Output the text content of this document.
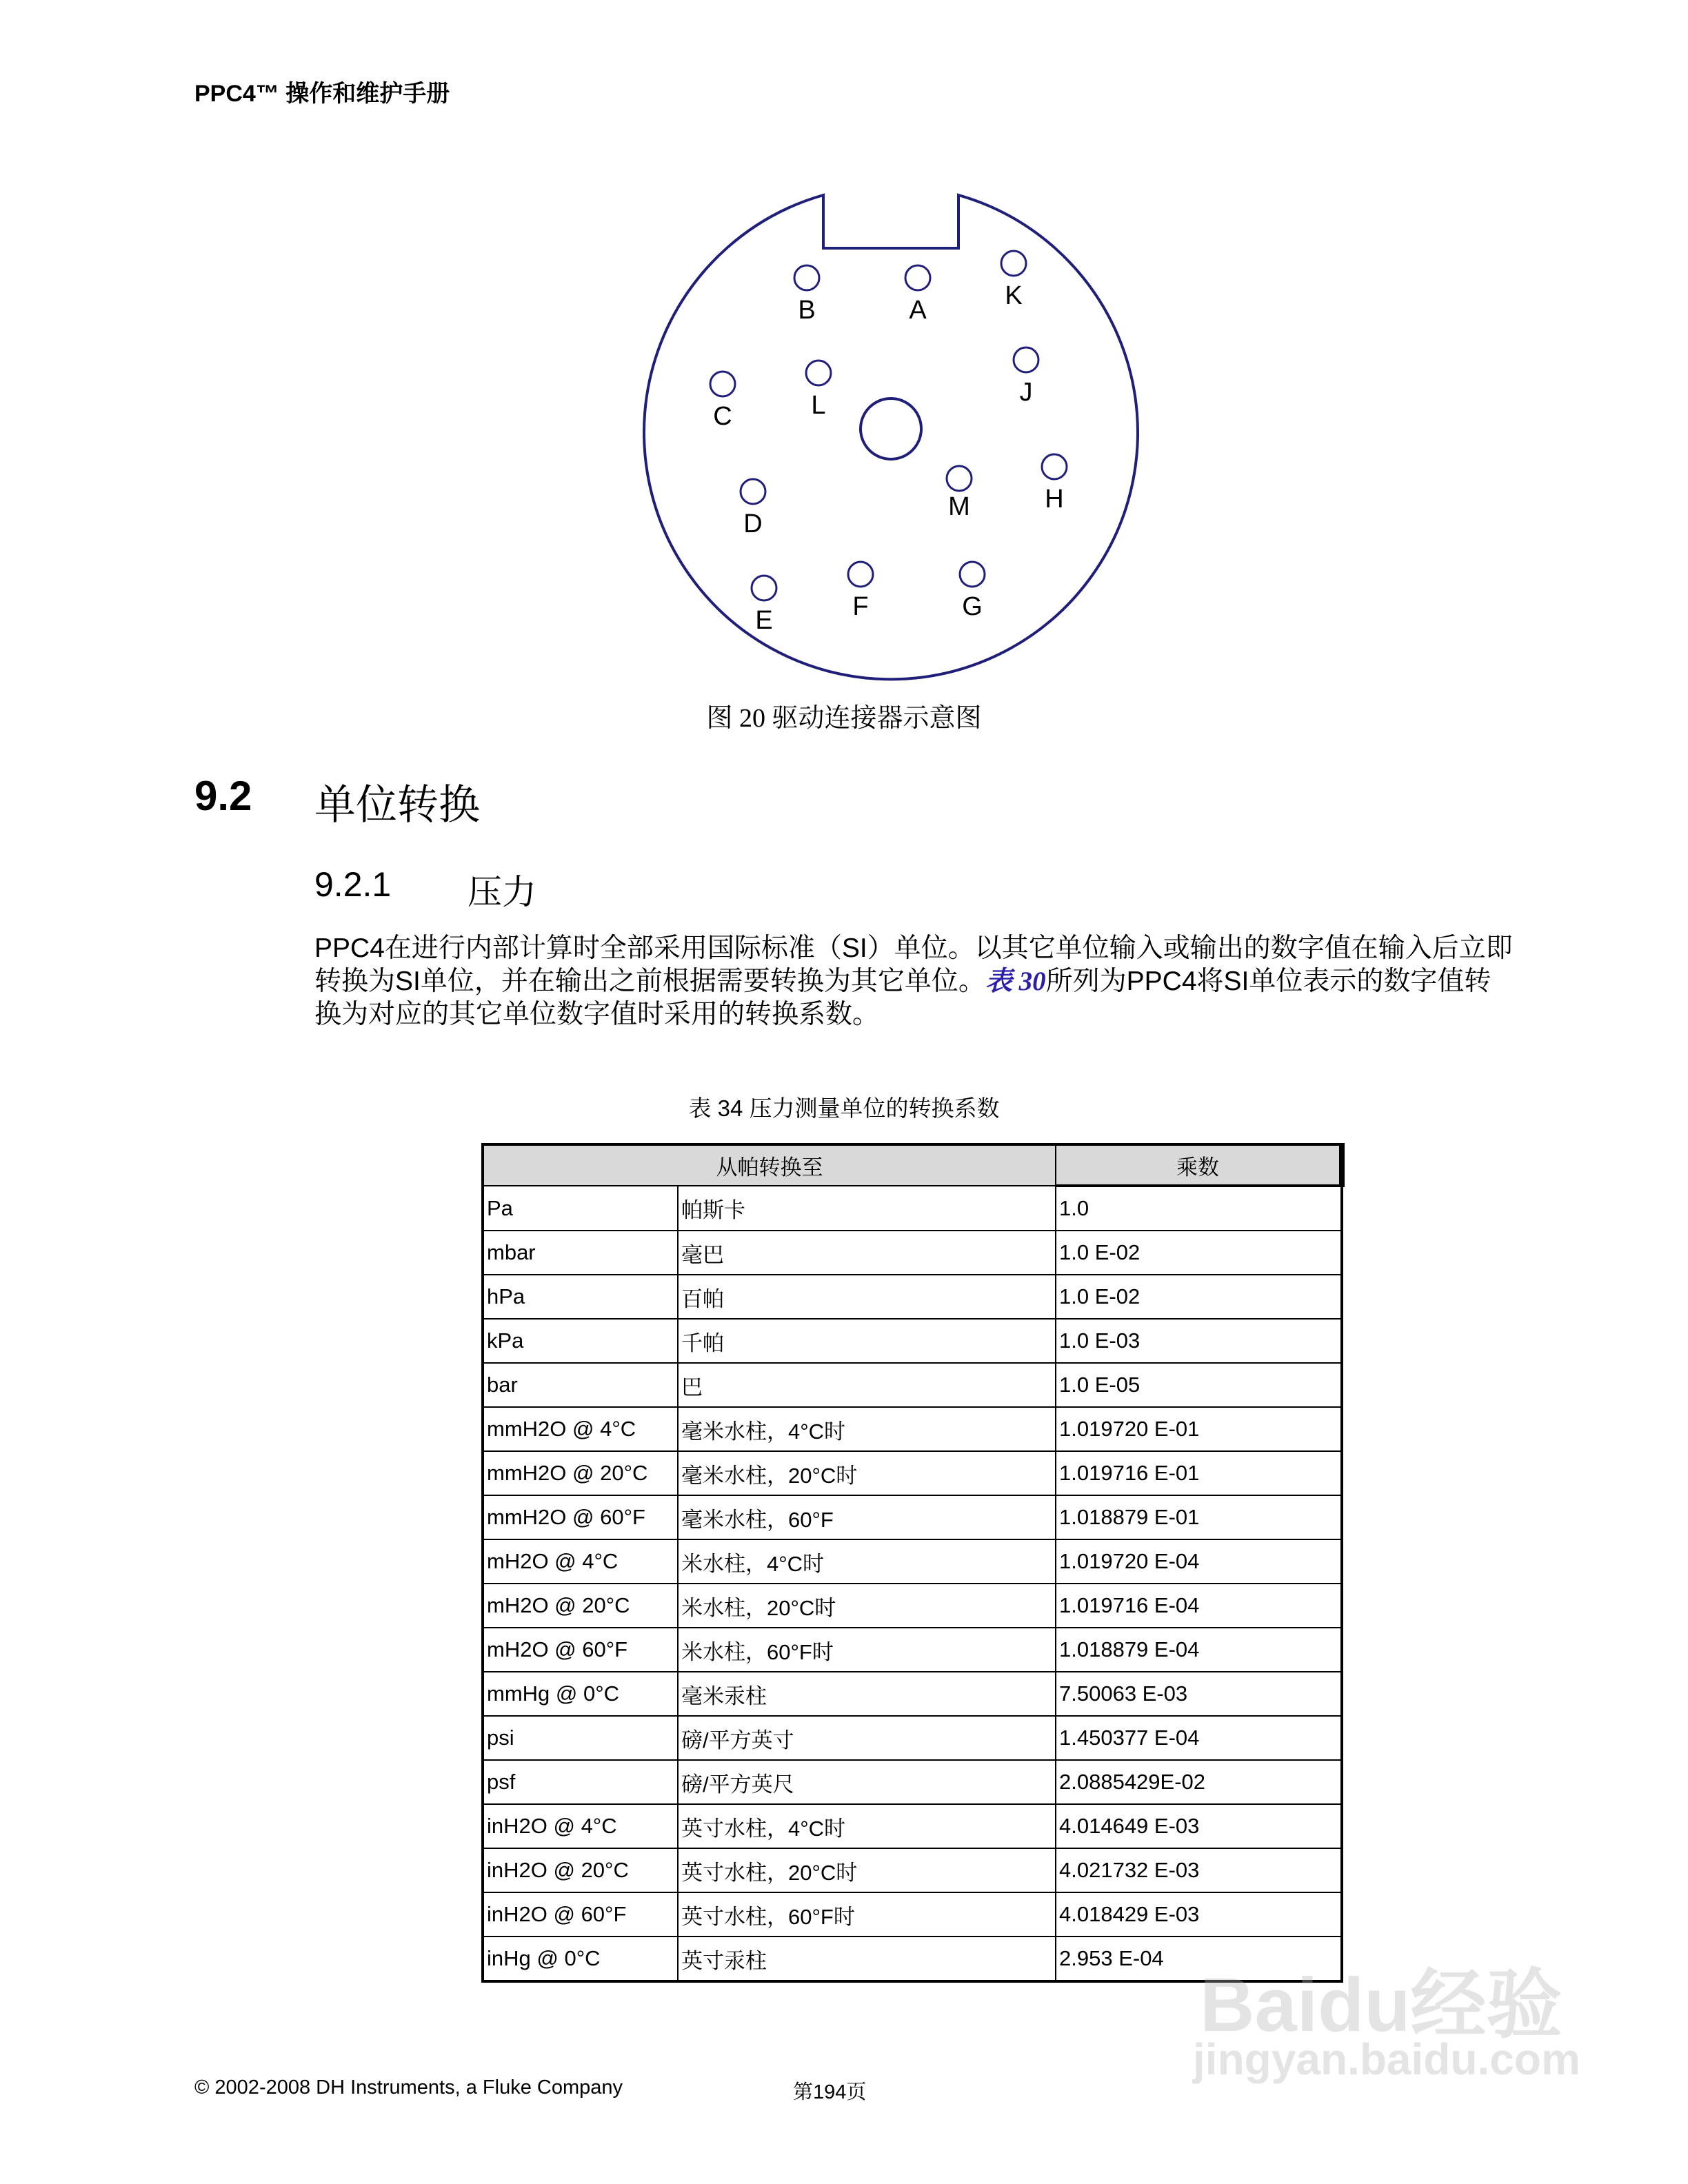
PPC4™ 操作和维护手册
B	A	K
C	L	J
D
M	H
E	F	G
图 20 驱动连接器示意图
9.2 单位转换
9.2.1 压力
PPC4在进行内部计算时全部采用国际标准（SI）单位。以其它单位输入或输出的数字值在输入后立即转换为SI单位，并在输出之前根据需要转换为其它单位。表 30所列为PPC4将SI单位表示的数字值转换为对应的其它单位数字值时采用的转换系数。
表 34 压力测量单位的转换系数
从帕转换至		乘数
Pa	帕斯卡	1.0
mbar	毫巴	1.0 E-02
hPa	百帕	1.0 E-02
kPa	千帕	1.0 E-03
bar	巴	1.0 E-05
mmH2O @ 4°C	毫米水柱，4°C时	1.019720 E-01
mmH2O @ 20°C	毫米水柱，20°C时	1.019716 E-01
mmH2O @ 60°F	毫米水柱，60°F	1.018879 E-01
mH2O @ 4°C	米水柱，4°C时	1.019720 E-04
mH2O @ 20°C	米水柱，20°C时	1.019716 E-04
mH2O @ 60°F	米水柱，60°F时	1.018879 E-04
mmHg @ 0°C	毫米汞柱	7.50063 E-03
psi	磅/平方英寸	1.450377 E-04
psf	磅/平方英尺	2.0885429E-02
inH2O @ 4°C	英寸水柱，4°C时	4.014649 E-03
inH2O @ 20°C	英寸水柱，20°C时	4.021732 E-03
inH2O @ 60°F	英寸水柱，60°F时	4.018429 E-03
inHg @ 0°C	英寸汞柱	2.953 E-04
© 2002-2008 DH Instruments, a Fluke Company	第194页
Baidu经验
jingyan.baidu.com
